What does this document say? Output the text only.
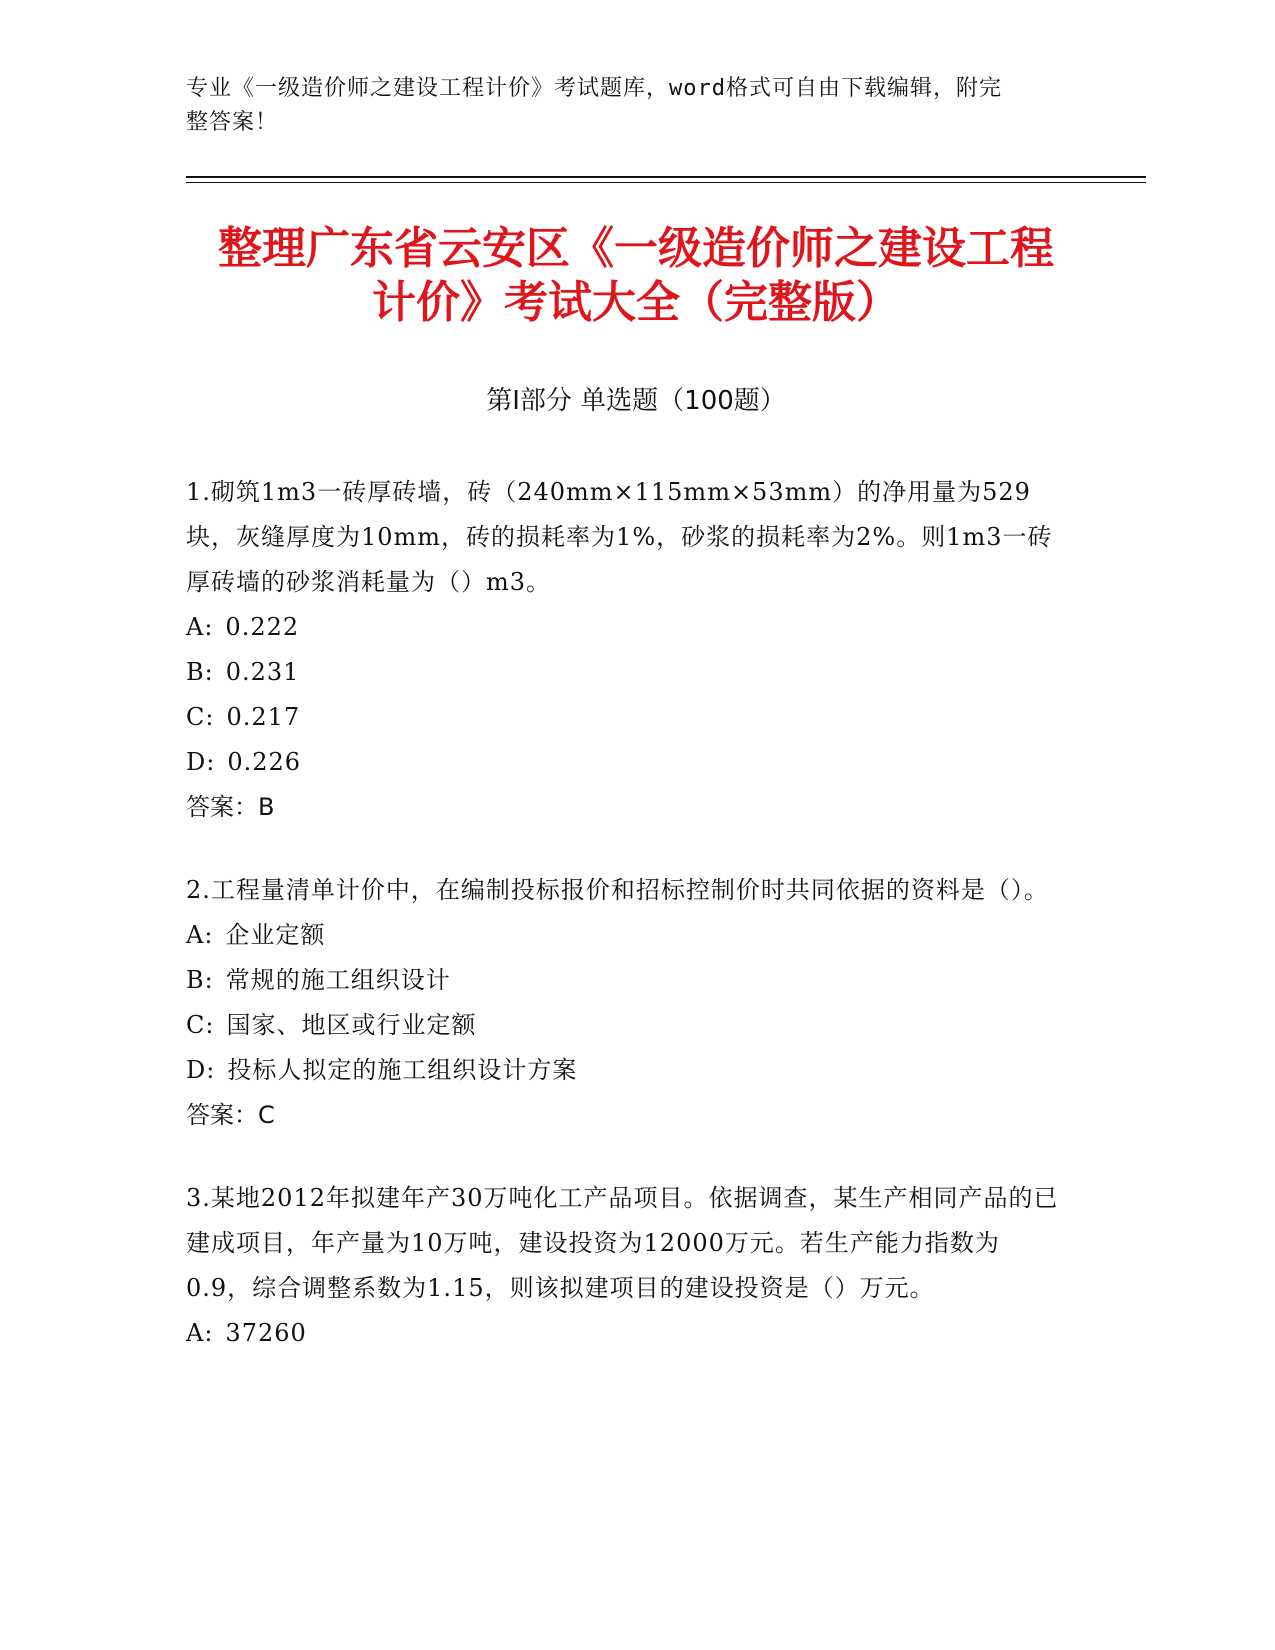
专业《一级造价师之建设工程计价》考试题库，word格式可自由下载编辑，附完
整答案！
整理广东省云安区《一级造价师之建设工程
计价》考试大全（完整版）
第Ⅰ部分 单选题（100题）

1.砌筑1m3一砖厚砖墙，砖（240mm×115mm×53mm）的净用量为529块，灰缝厚度为10mm，砖的损耗率为1%，砂浆的损耗率为2%。则1m3一砖厚砖墙的砂浆消耗量为（）m3。

A: 0.222
B: 0.231
C: 0.217
D: 0.226
答案：B

2.工程量清单计价中，在编制投标报价和招标控制价时共同依据的资料是（）。

A: 企业定额
B: 常规的施工组织设计
C: 国家、地区或行业定额
D: 投标人拟定的施工组织设计方案
答案：C

3.某地2012年拟建年产30万吨化工产品项目。依据调查，某生产相同产品的已建成项目，年产量为10万吨，建设投资为12000万元。若生产能力指数为0.9，综合调整系数为1.15，则该拟建项目的建设投资是（）万元。

A: 37260
